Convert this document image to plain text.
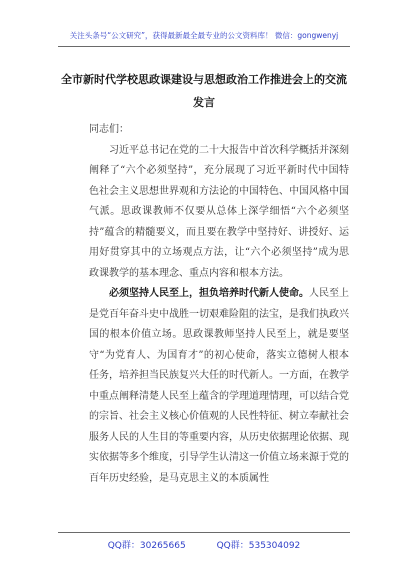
关注头条号“公文研究”，获得最新最全最专业的公文资料库！ 微信：gongwenyj
全市新时代学校思政课建设与思想政治工作推进会上的交流发言

同志们：

习近平总书记在党的二十大报告中首次科学概括并深刻阐释了“六个必须坚持”，充分展现了习近平新时代中国特色社会主义思想世界观和方法论的中国特色、中国风格中国气派。思政课教师不仅要从总体上深学细悟“六个必须坚持”蕴含的精髓要义，而且要在教学中坚持好、讲授好、运用好贯穿其中的立场观点方法，让“六个必须坚持”成为思政课教学的基本理念、重点内容和根本方法。

必须坚持人民至上，担负培养时代新人使命。人民至上是党百年奋斗史中战胜一切艰难险阻的法宝，是我们执政兴国的根本价值立场。思政课教师坚持人民至上，就是要坚守“为党育人、为国育才”的初心使命，落实立德树人根本任务，培养担当民族复兴大任的时代新人。一方面，在教学中重点阐释清楚人民至上蕴含的学理道理情理，可以结合党的宗旨、社会主义核心价值观的人民性特征、树立奉献社会服务人民的人生目的等重要内容，从历史依据理论依据、现实依据等多个维度，引导学生认清这一价值立场来源于党的百年历史经验，是马克思主义的本质属性

QQ群：30265665	QQ群：535304092
